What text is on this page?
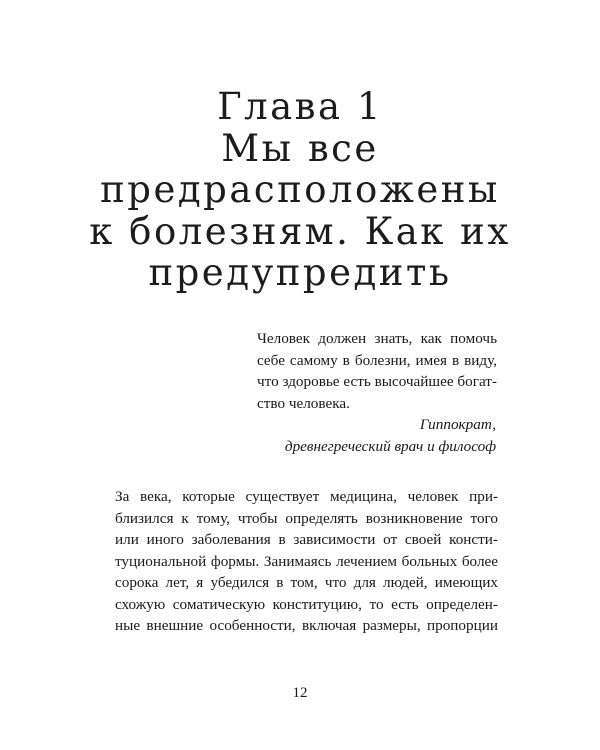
Глава 1
Мы все
предрасположены
к болезням. Как их
предупредить
Человек должен знать, как помочь
себе самому в болезни, имея в виду,
что здоровье есть высочайшее богат-
ство человека.
Гиппократ,
древнегреческий врач и философ
За века, которые существует медицина, человек при-
близился к тому, чтобы определять возникновение того
или иного заболевания в зависимости от своей консти-
туциональной формы. Занимаясь лечением больных более
сорока лет, я убедился в том, что для людей, имеющих
схожую соматическую конституцию, то есть определен-
ные внешние особенности, включая размеры, пропорции
12
